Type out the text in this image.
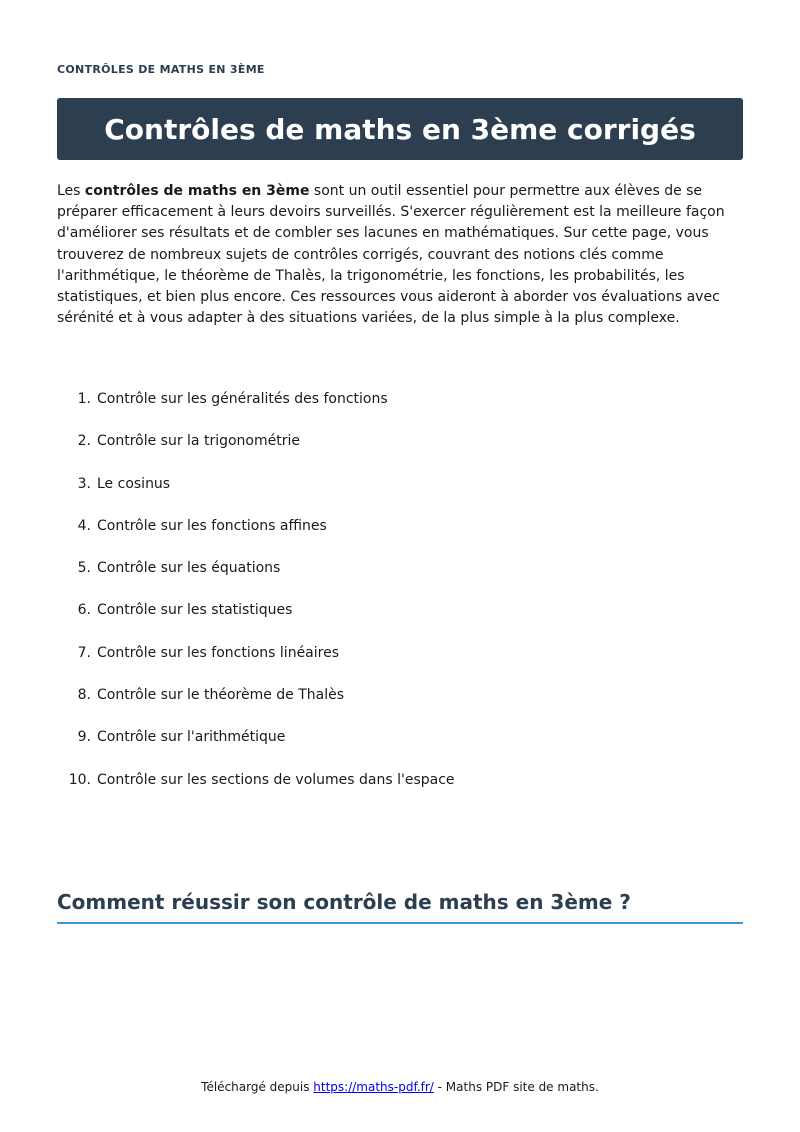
CONTRÔLES DE MATHS EN 3ÈME
Contrôles de maths en 3ème corrigés

Les contrôles de maths en 3ème sont un outil essentiel pour permettre aux élèves de se préparer efficacement à leurs devoirs surveillés. S'exercer régulièrement est la meilleure façon d'améliorer ses résultats et de combler ses lacunes en mathématiques. Sur cette page, vous trouverez de nombreux sujets de contrôles corrigés, couvrant des notions clés comme l'arithmétique, le théorème de Thalès, la trigonométrie, les fonctions, les probabilités, les statistiques, et bien plus encore. Ces ressources vous aideront à aborder vos évaluations avec sérénité et à vous adapter à des situations variées, de la plus simple à la plus complexe.

1. Contrôle sur les généralités des fonctions
2. Contrôle sur la trigonométrie
3. Le cosinus
4. Contrôle sur les fonctions affines
5. Contrôle sur les équations
6. Contrôle sur les statistiques
7. Contrôle sur les fonctions linéaires
8. Contrôle sur le théorème de Thalès
9. Contrôle sur l'arithmétique
10. Contrôle sur les sections de volumes dans l'espace
Comment réussir son contrôle de maths en 3ème ?
Téléchargé depuis https://maths-pdf.fr/ - Maths PDF site de maths.
